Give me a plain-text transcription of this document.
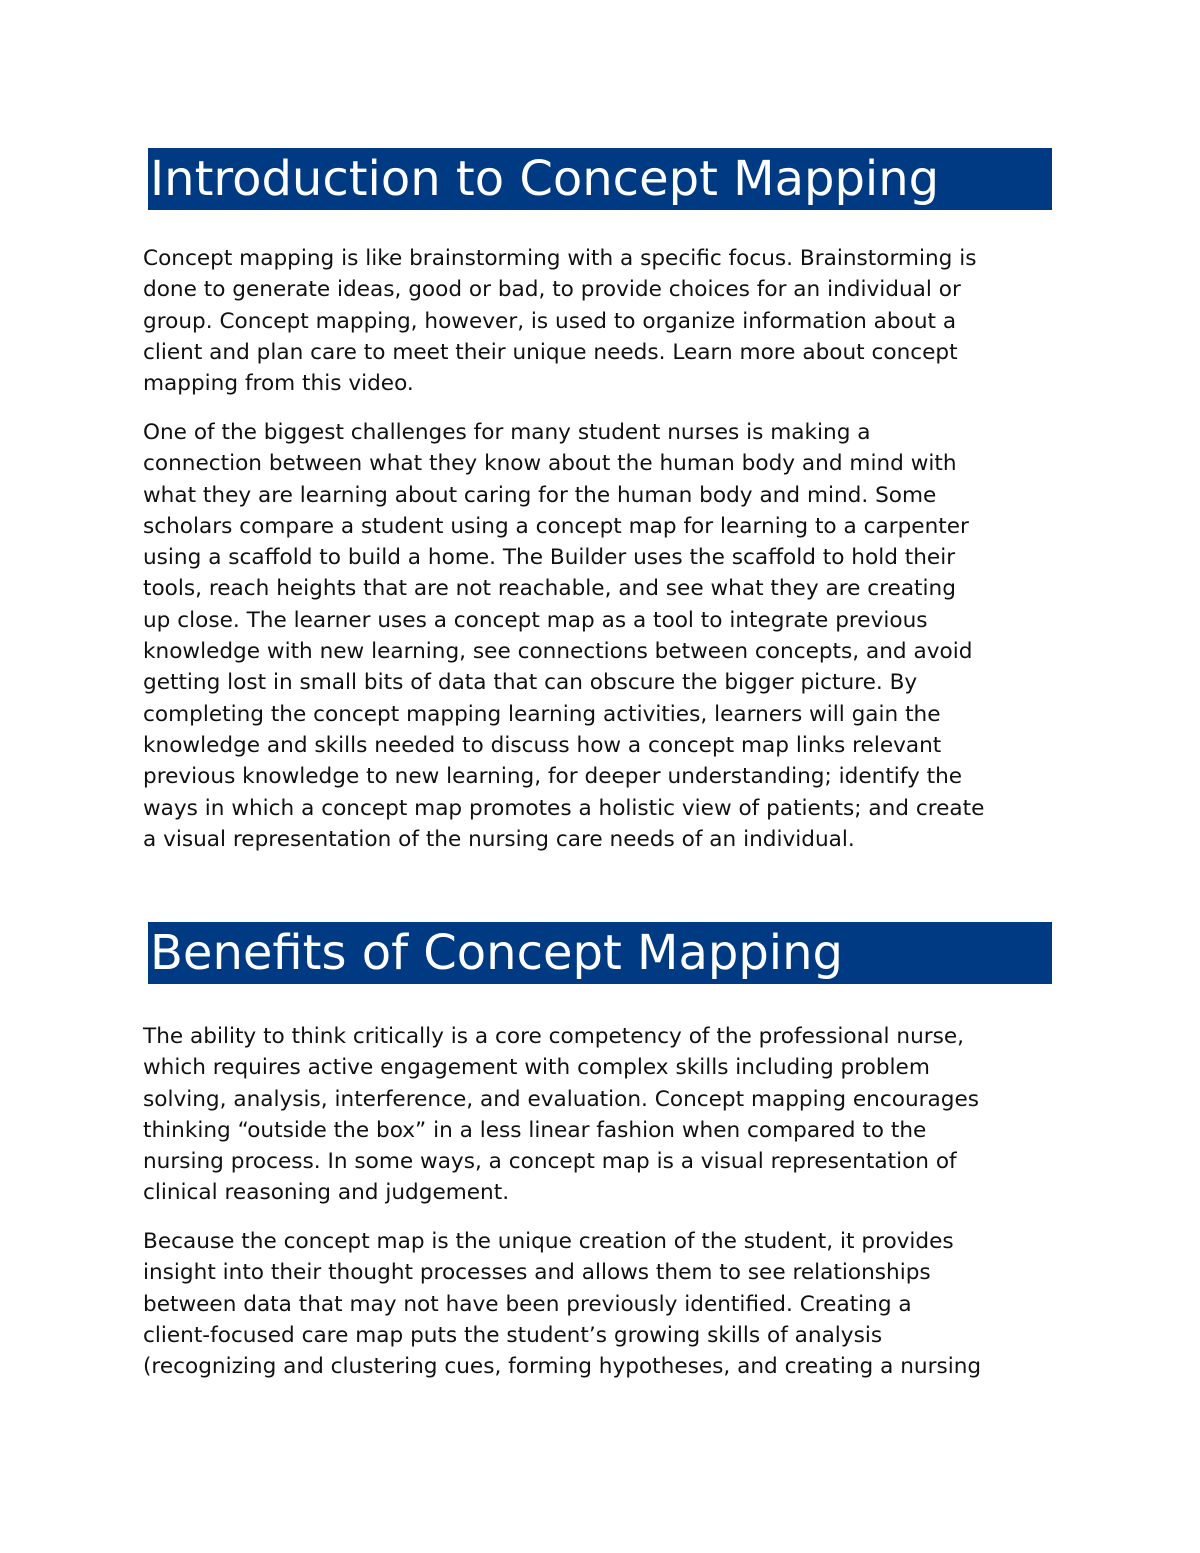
Introduction to Concept Mapping
Concept mapping is like brainstorming with a specific focus. Brainstorming is
done to generate ideas, good or bad, to provide choices for an individual or
group. Concept mapping, however, is used to organize information about a
client and plan care to meet their unique needs. Learn more about concept
mapping from this video.
One of the biggest challenges for many student nurses is making a
connection between what they know about the human body and mind with
what they are learning about caring for the human body and mind. Some
scholars compare a student using a concept map for learning to a carpenter
using a scaffold to build a home. The Builder uses the scaffold to hold their
tools, reach heights that are not reachable, and see what they are creating
up close. The learner uses a concept map as a tool to integrate previous
knowledge with new learning, see connections between concepts, and avoid
getting lost in small bits of data that can obscure the bigger picture. By
completing the concept mapping learning activities, learners will gain the
knowledge and skills needed to discuss how a concept map links relevant
previous knowledge to new learning, for deeper understanding; identify the
ways in which a concept map promotes a holistic view of patients; and create
a visual representation of the nursing care needs of an individual.
Benefits of Concept Mapping
The ability to think critically is a core competency of the professional nurse,
which requires active engagement with complex skills including problem
solving, analysis, interference, and evaluation. Concept mapping encourages
thinking “outside the box” in a less linear fashion when compared to the
nursing process. In some ways, a concept map is a visual representation of
clinical reasoning and judgement.
Because the concept map is the unique creation of the student, it provides
insight into their thought processes and allows them to see relationships
between data that may not have been previously identified. Creating a
client-focused care map puts the student’s growing skills of analysis
(recognizing and clustering cues, forming hypotheses, and creating a nursing
